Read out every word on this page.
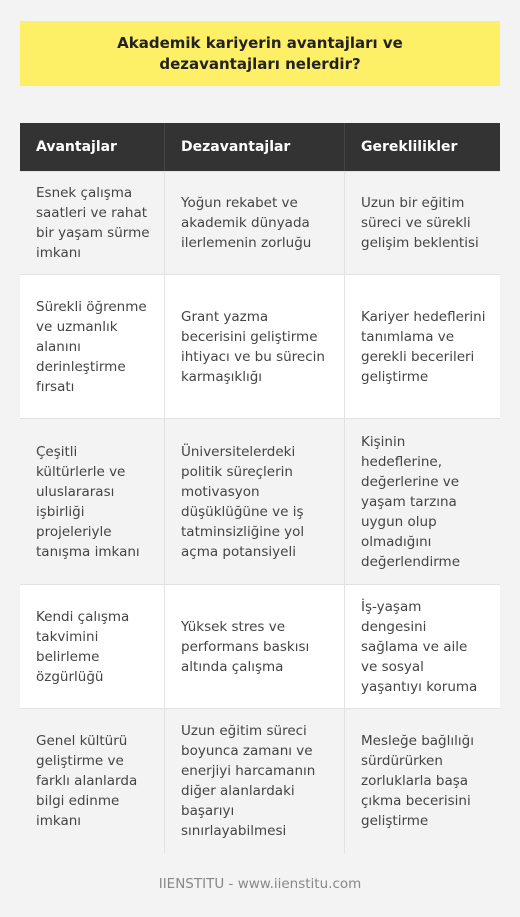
Akademik kariyerin avantajları ve dezavantajları nelerdir?
Avantajlar	Dezavantajlar	Gereklilikler
Esnek çalışma saatleri ve rahat bir yaşam sürme imkanı
Yoğun rekabet ve akademik dünyada ilerlemenin zorluğu
Uzun bir eğitim süreci ve sürekli gelişim beklentisi
Sürekli öğrenme ve uzmanlık alanını derinleştirme fırsatı
Grant yazma becerisini geliştirme ihtiyacı ve bu sürecin karmaşıklığı
Kariyer hedeflerini tanımlama ve gerekli becerileri geliştirme
Çeşitli kültürlerle ve uluslararası işbirliği projeleriyle tanışma imkanı
Üniversitelerdeki politik süreçlerin motivasyon düşüklüğüne ve iş tatminsizliğine yol açma potansiyeli
Kişinin hedeflerine, değerlerine ve yaşam tarzına uygun olup olmadığını değerlendirme
Kendi çalışma takvimini belirleme özgürlüğü
Yüksek stres ve performans baskısı altında çalışma
İş-yaşam dengesini sağlama ve aile ve sosyal yaşantıyı koruma
Genel kültürü geliştirme ve farklı alanlarda bilgi edinme imkanı
Uzun eğitim süreci boyunca zamanı ve enerjiyi harcamanın diğer alanlardaki başarıyı sınırlayabilmesi
Mesleğe bağlılığı sürdürürken zorluklarla başa çıkma becerisini geliştirme
IIENSTITU - www.iienstitu.com
